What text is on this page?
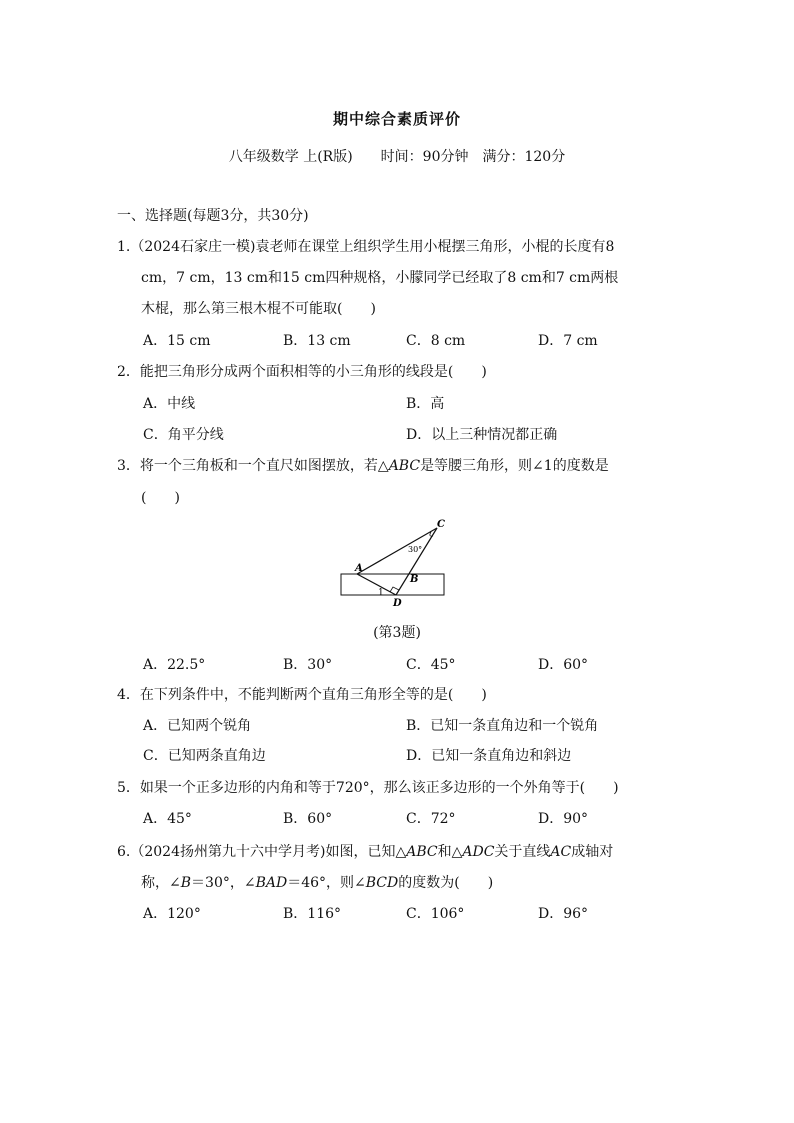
期中综合素质评价
八年级数学 上(R版)　　时间：90分钟　满分：120分
一、选择题(每题3分，共30分)
1.（2024石家庄一模)袁老师在课堂上组织学生用小棍摆三角形，小棍的长度有8
cm，7 cm，13 cm和15 cm四种规格，小朦同学已经取了8 cm和7 cm两根
木棍，那么第三根木棍不可能取(　　)
A．15 cm	B．13 cm	C．8 cm	D．7 cm
2．能把三角形分成两个面积相等的小三角形的线段是(　　)
A．中线	B．高
C．角平分线	D．以上三种情况都正确
3．将一个三角板和一个直尺如图摆放，若△ABC是等腰三角形，则∠1的度数是
(　　)
C
30°
A
B
1
D
(第3题)
A．22.5°	B．30°	C．45°	D．60°
4．在下列条件中，不能判断两个直角三角形全等的是(　　)
A．已知两个锐角	B．已知一条直角边和一个锐角
C．已知两条直角边	D．已知一条直角边和斜边
5．如果一个正多边形的内角和等于720°，那么该正多边形的一个外角等于(　　)
A．45°	B．60°	C．72°	D．90°
6.（2024扬州第九十六中学月考)如图，已知△ABC和△ADC关于直线AC成轴对
称，∠B＝30°，∠BAD＝46°，则∠BCD的度数为(　　)
A．120°	B．116°	C．106°	D．96°
